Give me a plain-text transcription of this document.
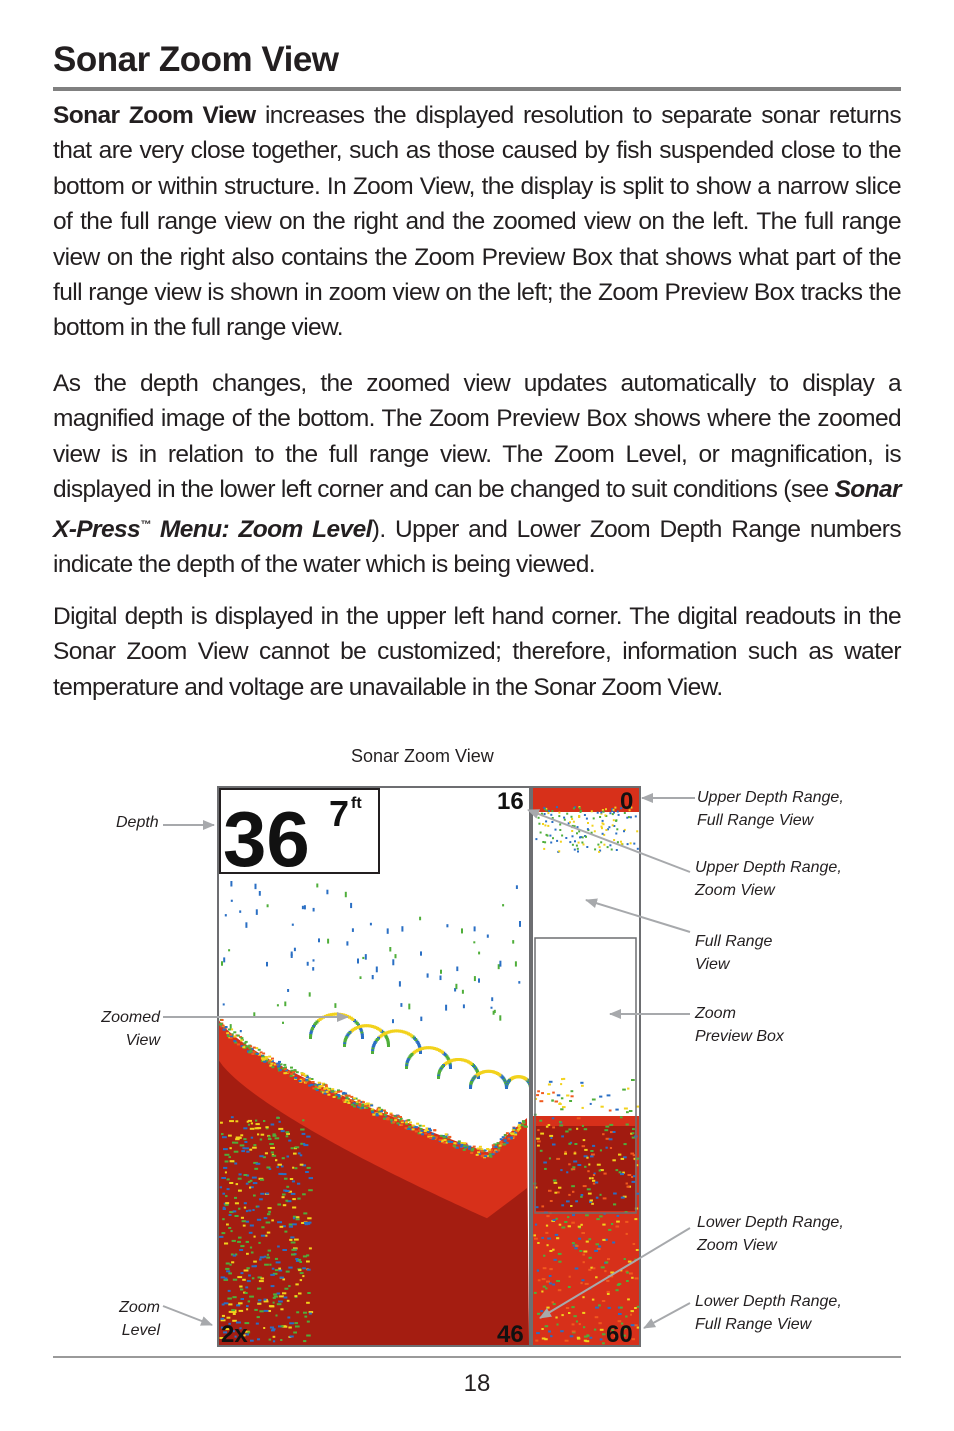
Sonar Zoom View

Sonar Zoom View increases the displayed resolution to separate sonar returns that are very close together, such as those caused by fish suspended close to the bottom or within structure. In Zoom View, the display is split to show a narrow slice of the full range view on the right and the zoomed view on the left. The full range view on the right also contains the Zoom Preview Box that shows what part of the full range view is shown in zoom view on the left; the Zoom Preview Box tracks the bottom in the full range view.

As the depth changes, the zoomed view updates automatically to display a magnified image of the bottom. The Zoom Preview Box shows where the zoomed view is in relation to the full range view. The Zoom Level, or magnification, is displayed in the lower left corner and can be changed to suit conditions (see Sonar X-Press™ Menu: Zoom Level). Upper and Lower Zoom Depth Range numbers indicate the depth of the water which is being viewed.

Digital depth is displayed in the upper left hand corner. The digital readouts in the Sonar Zoom View cannot be customized; therefore, information such as water temperature and voltage are unavailable in the Sonar Zoom View.

Sonar Zoom View
Depth
Zoomed
View
Zoom
Level
Upper Depth Range,
Full Range View
Upper Depth Range,
Zoom View
Full Range
View
Zoom
Preview Box
Lower Depth Range,
Zoom View
Lower Depth Range,
Full Range View
36 7 ft	16
46
0
60
2x
18
